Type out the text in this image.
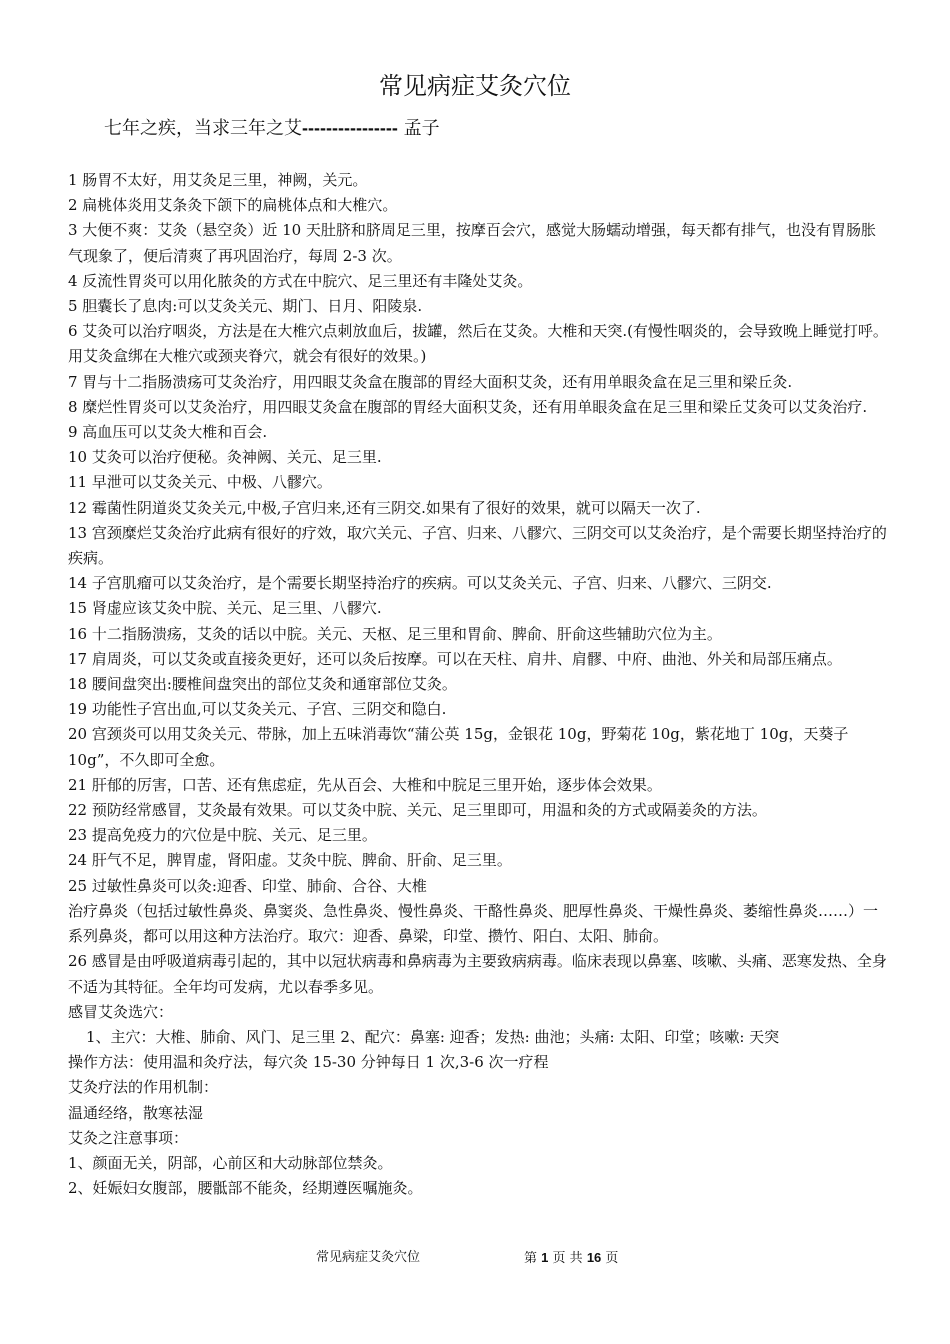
常见病症艾灸穴位
七年之疾，当求三年之艾---------------- 孟子

1 肠胃不太好，用艾灸足三里，神阙，关元。

2 扁桃体炎用艾条灸下颌下的扁桃体点和大椎穴。

3 大便不爽：艾灸（悬空灸）近 10 天肚脐和脐周足三里，按摩百会穴，感觉大肠蠕动增强，每天都有排气，也没有胃肠胀气现象了，便后清爽了再巩固治疗，每周 2-3 次。

4 反流性胃炎可以用化脓灸的方式在中脘穴、足三里还有丰隆处艾灸。

5 胆囊长了息肉:可以艾灸关元、期门、日月、阳陵泉.

6 艾灸可以治疗咽炎，方法是在大椎穴点刺放血后，拔罐，然后在艾灸。大椎和天突.(有慢性咽炎的，会导致晚上睡觉打呼。用艾灸盒绑在大椎穴或颈夹脊穴，就会有很好的效果。)

7 胃与十二指肠溃疡可艾灸治疗，用四眼艾灸盒在腹部的胃经大面积艾灸，还有用单眼灸盒在足三里和梁丘灸.

8 糜烂性胃炎可以艾灸治疗，用四眼艾灸盒在腹部的胃经大面积艾灸，还有用单眼灸盒在足三里和梁丘艾灸可以艾灸治疗.

9 高血压可以艾灸大椎和百会.

10 艾灸可以治疗便秘。灸神阙、关元、足三里.

11 早泄可以艾灸关元、中极、八髎穴。

12 霉菌性阴道炎艾灸关元,中极,子宫归来,还有三阴交.如果有了很好的效果，就可以隔天一次了.

13 宫颈糜烂艾灸治疗此病有很好的疗效，取穴关元、子宫、归来、八髎穴、三阴交可以艾灸治疗，是个需要长期坚持治疗的疾病。

14 子宫肌瘤可以艾灸治疗，是个需要长期坚持治疗的疾病。可以艾灸关元、子宫、归来、八髎穴、三阴交.

15 肾虚应该艾灸中脘、关元、足三里、八髎穴.

16 十二指肠溃疡，艾灸的话以中脘。关元、天枢、足三里和胃俞、脾俞、肝俞这些辅助穴位为主。

17 肩周炎，可以艾灸或直接灸更好，还可以灸后按摩。可以在天柱、肩井、肩髎、中府、曲池、外关和局部压痛点。

18 腰间盘突出:腰椎间盘突出的部位艾灸和通窜部位艾灸。

19 功能性子宫出血,可以艾灸关元、子宫、三阴交和隐白.

20 宫颈炎可以用艾灸关元、带脉，加上五味消毒饮“蒲公英 15g，金银花 10g，野菊花 10g，紫花地丁 10g，天葵子 10g”，不久即可全愈。

21 肝郁的厉害，口苦、还有焦虑症，先从百会、大椎和中脘足三里开始，逐步体会效果。

22 预防经常感冒，艾灸最有效果。可以艾灸中脘、关元、足三里即可，用温和灸的方式或隔姜灸的方法。

23 提高免疫力的穴位是中脘、关元、足三里。

24 肝气不足，脾胃虚，肾阳虚。艾灸中脘、脾俞、肝俞、足三里。

25 过敏性鼻炎可以灸:迎香、印堂、肺俞、合谷、大椎

治疗鼻炎（包括过敏性鼻炎、鼻窦炎、急性鼻炎、慢性鼻炎、干酪性鼻炎、肥厚性鼻炎、干燥性鼻炎、萎缩性鼻炎……）一系列鼻炎，都可以用这种方法治疗。取穴：迎香、鼻梁，印堂、攒竹、阳白、太阳、肺俞。

26 感冒是由呼吸道病毒引起的，其中以冠状病毒和鼻病毒为主要致病病毒。临床表现以鼻塞、咳嗽、头痛、恶寒发热、全身不适为其特征。全年均可发病，尤以春季多见。

感冒艾灸选穴：

1、主穴：大椎、肺俞、风门、足三里 2、配穴：鼻塞: 迎香；发热: 曲池；头痛: 太阳、印堂；咳嗽: 天突

操作方法：使用温和灸疗法，每穴灸 15-30 分钟每日 1 次,3-6 次一疗程

艾灸疗法的作用机制：

温通经络，散寒祛湿

艾灸之注意事项：

1、颜面无关，阴部，心前区和大动脉部位禁灸。

2、妊娠妇女腹部，腰骶部不能灸，经期遵医嘱施灸。

常见病症艾灸穴位	第 1 页 共 16 页
